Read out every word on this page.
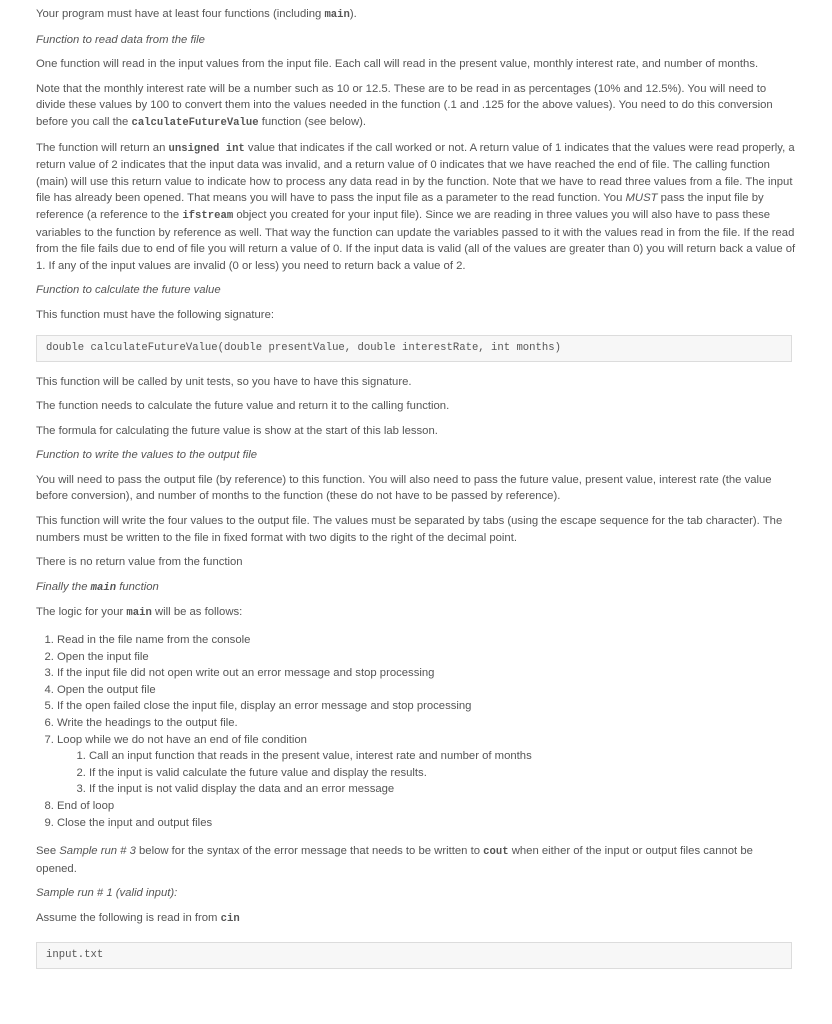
Your program must have at least four functions (including main).

Function to read data from the file

One function will read in the input values from the input file. Each call will read in the present value, monthly interest rate, and number of months.

Note that the monthly interest rate will be a number such as 10 or 12.5. These are to be read in as percentages (10% and 12.5%). You will need to divide these values by 100 to convert them into the values needed in the function (.1 and .125 for the above values). You need to do this conversion before you call the calculateFutureValue function (see below).

The function will return an unsigned int value that indicates if the call worked or not. A return value of 1 indicates that the values were read properly, a return value of 2 indicates that the input data was invalid, and a return value of 0 indicates that we have reached the end of file. The calling function (main) will use this return value to indicate how to process any data read in by the function. Note that we have to read three values from a file. The input file has already been opened. That means you will have to pass the input file as a parameter to the read function. You MUST pass the input file by reference (a reference to the ifstream object you created for your input file). Since we are reading in three values you will also have to pass these variables to the function by reference as well. That way the function can update the variables passed to it with the values read in from the file. If the read from the file fails due to end of file you will return a value of 0. If the input data is valid (all of the values are greater than 0) you will return back a value of 1. If any of the input values are invalid (0 or less) you need to return back a value of 2.

Function to calculate the future value

This function must have the following signature:

double calculateFutureValue(double presentValue, double interestRate, int months)

This function will be called by unit tests, so you have to have this signature.

The function needs to calculate the future value and return it to the calling function.

The formula for calculating the future value is show at the start of this lab lesson.

Function to write the values to the output file

You will need to pass the output file (by reference) to this function. You will also need to pass the future value, present value, interest rate (the value before conversion), and number of months to the function (these do not have to be passed by reference).

This function will write the four values to the output file. The values must be separated by tabs (using the escape sequence for the tab character). The numbers must be written to the file in fixed format with two digits to the right of the decimal point.

There is no return value from the function

Finally the main function

The logic for your main will be as follows:

1. Read in the file name from the console
2. Open the input file
3. If the input file did not open write out an error message and stop processing
4. Open the output file
5. If the open failed close the input file, display an error message and stop processing
6. Write the headings to the output file.
7. Loop while we do not have an end of file condition
1. Call an input function that reads in the present value, interest rate and number of months
2. If the input is valid calculate the future value and display the results.
3. If the input is not valid display the data and an error message
8. End of loop
9. Close the input and output files

See Sample run # 3 below for the syntax of the error message that needs to be written to cout when either of the input or output files cannot be opened.

Sample run # 1 (valid input):

Assume the following is read in from cin

input.txt
